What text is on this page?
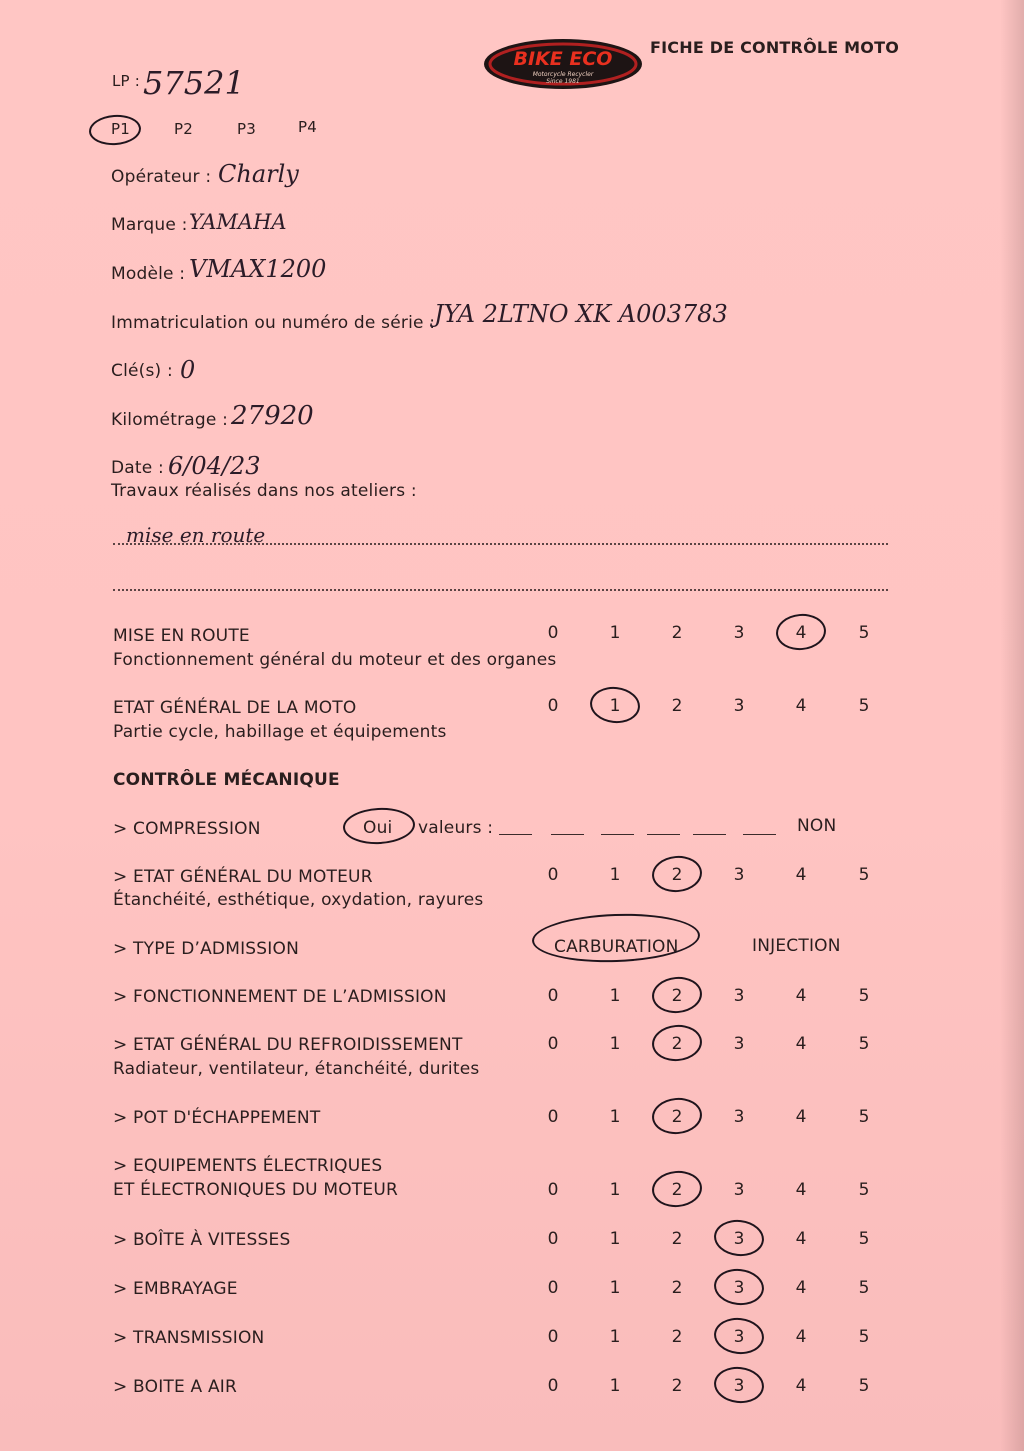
BIKE ECO
Motorcycle Recycler
Since 1981
FICHE DE CONTRÔLE MOTO
LP : 57521
P1	P2	P3	P4
Opérateur : Charly
Marque : YAMAHA
Modèle : VMAX1200
Immatriculation ou numéro de série :
JYA 2LTNO XK A003783
Clé(s) : 0
Kilométrage : 27920
Date : 6/04/23
Travaux réalisés dans nos ateliers :
mise en route
MISE EN ROUTE
Fonctionnement général du moteur et des organes
0	1	2	3	4	5
ETAT GÉNÉRAL DE LA MOTO
Partie cycle, habillage et équipements
0	1	2	3	4	5
CONTRÔLE MÉCANIQUE
> COMPRESSION	Oui valeurs :	NON
> ETAT GÉNÉRAL DU MOTEUR
Étanchéité, esthétique, oxydation, rayures
0	1	2	3	4	5
> TYPE D’ADMISSION	CARBURATION	INJECTION
> FONCTIONNEMENT DE L’ADMISSION	0	1	2	3	4	5
> ETAT GÉNÉRAL DU REFROIDISSEMENT
Radiateur, ventilateur, étanchéité, durites
0	1	2	3	4	5
> POT D'ÉCHAPPEMENT	0	1	2	3	4	5
> EQUIPEMENTS ÉLECTRIQUES
ET ÉLECTRONIQUES DU MOTEUR	0	1	2	3	4	5
> BOÎTE À VITESSES	0	1	2	3	4	5
> EMBRAYAGE	0	1	2	3	4	5
> TRANSMISSION	0	1	2	3	4	5
> BOITE A AIR	0	1	2	3	4	5
